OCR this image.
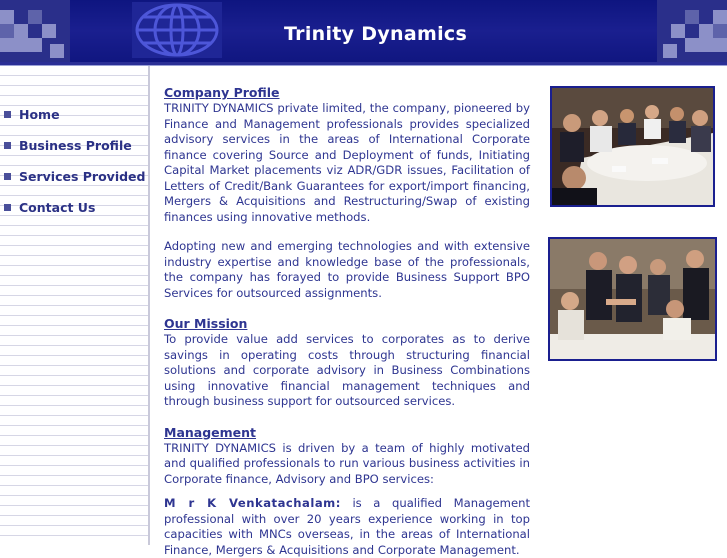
Trinity Dynamics
Home
Business Profile
Services Provided
Contact Us
Company Profile

TRINITY DYNAMICS private limited, the company, pioneered by Finance and Management professionals provides specialized advisory services in the areas of International Corporate finance covering Source and Deployment of funds, Initiating Capital Market placements viz ADR/GDR issues, Facilitation of Letters of Credit/Bank Guarantees for export/import financing, Mergers & Acquisitions and Restructuring/Swap of existing finances using innovative methods.

Adopting new and emerging technologies and with extensive industry expertise and knowledge base of the professionals, the company has forayed to provide Business Support BPO Services for outsourced assignments.

Our Mission

To provide value add services to corporates as to derive savings in operating costs through structuring financial solutions and corporate advisory in Business Combinations using innovative financial management techniques and through business support for outsourced services.

Management

TRINITY DYNAMICS is driven by a team of highly motivated and qualified professionals to run various business activities in Corporate finance, Advisory and BPO services:

M r K Venkatachalam: is a qualified Management professional with over 20 years experience working in top capacities with MNCs overseas, in the areas of International Finance, Mergers & Acquisitions and Corporate Management.
